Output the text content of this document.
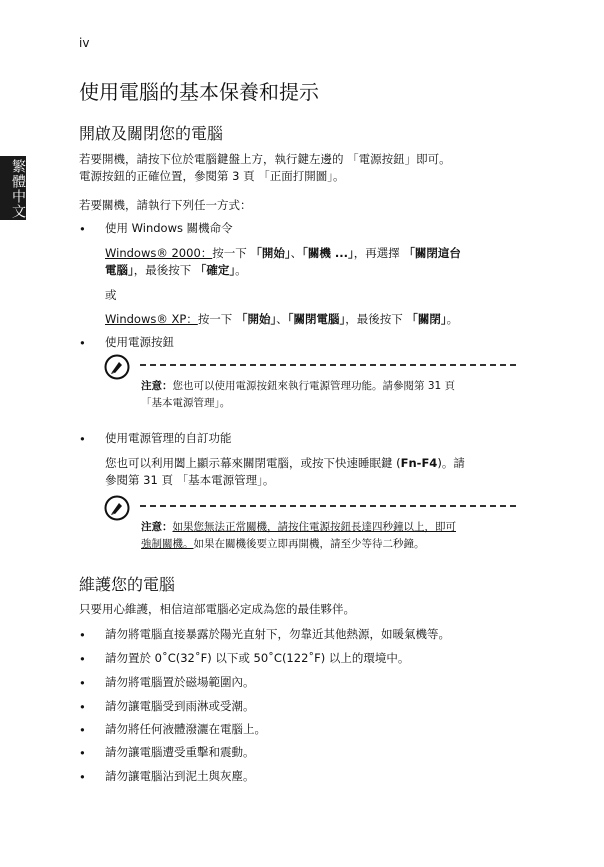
iv
繁體中文
使用電腦的基本保養和提示
開啟及關閉您的電腦
若要開機，請按下位於電腦鍵盤上方，執行鍵左邊的 「電源按鈕」即可。
電源按鈕的正確位置，參閱第 3 頁 「正面打開圖」。
若要關機，請執行下列任一方式：
• 使用 Windows 關機命令
Windows® 2000：按一下 「開始」、「關機 ...」，再選擇 「關閉這台
電腦」，最後按下 「確定」。
或
Windows® XP：按一下 「開始」、「關閉電腦」，最後按下 「關閉」。
• 使用電源按鈕
注意：您也可以使用電源按鈕來執行電源管理功能。請參閱第 31 頁
「基本電源管理」。
• 使用電源管理的自訂功能
您也可以利用闔上顯示幕來關閉電腦，或按下快速睡眠鍵 (Fn-F4)。請
參閱第 31 頁 「基本電源管理」。
注意：如果您無法正常關機，請按住電源按鈕長達四秒鐘以上，即可
強制關機。如果在關機後要立即再開機，請至少等待二秒鐘。
維護您的電腦
只要用心維護，相信這部電腦必定成為您的最佳夥伴。
• 請勿將電腦直接暴露於陽光直射下，勿靠近其他熱源，如暖氣機等。
• 請勿置於 0˚C(32˚F) 以下或 50˚C(122˚F) 以上的環境中。
• 請勿將電腦置於磁場範圍內。
• 請勿讓電腦受到雨淋或受潮。
• 請勿將任何液體潑灑在電腦上。
• 請勿讓電腦遭受重擊和震動。
• 請勿讓電腦沾到泥土與灰塵。
